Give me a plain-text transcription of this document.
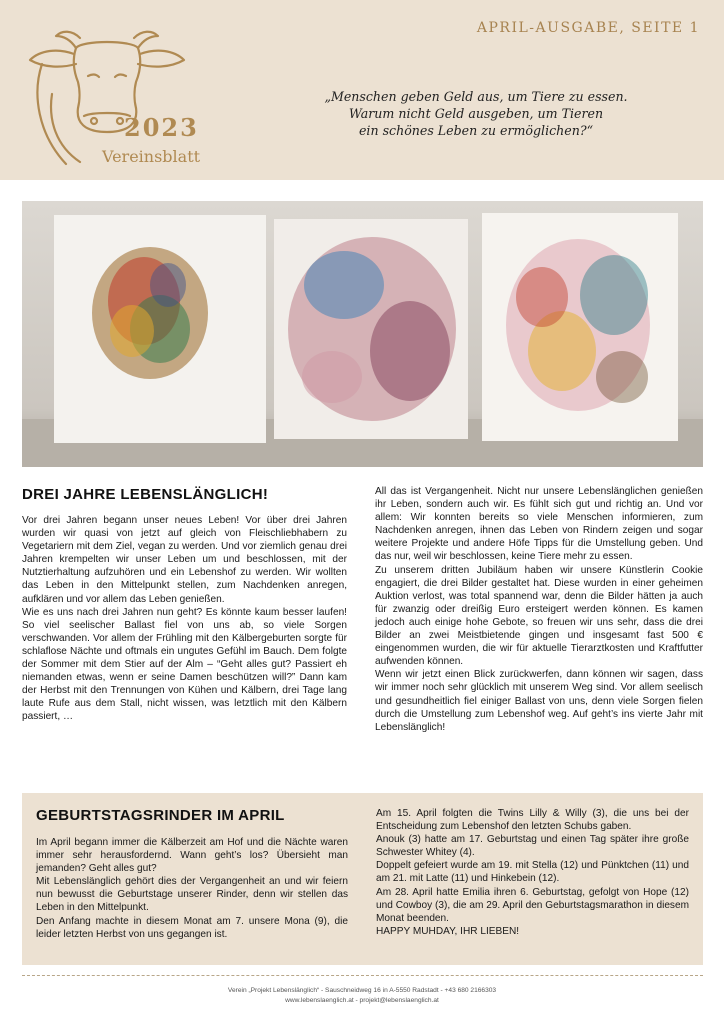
2023
Vereinsblatt
APRIL-AUSGABE, SEITE 1
„Menschen geben Geld aus, um Tiere zu essen.
Warum nicht Geld ausgeben, um Tieren
ein schönes Leben zu ermöglichen?“
DREI JAHRE LEBENSLÄNGLICH!

Vor drei Jahren begann unser neues Leben! Vor über drei Jahren wurden wir quasi von jetzt auf gleich von Fleischliebhabern zu Vegetariern mit dem Ziel, vegan zu werden. Und vor ziemlich genau drei Jahren krempelten wir unser Leben um und beschlossen, mit der Nutztierhaltung aufzuhören und ein Lebenshof zu werden. Wir wollten das Leben in den Mittelpunkt stellen, zum Nachdenken anregen, aufklären und vor allem das Leben genießen.

Wie es uns nach drei Jahren nun geht? Es könnte kaum besser laufen! So viel seelischer Ballast fiel von uns ab, so viele Sorgen verschwanden. Vor allem der Frühling mit den Kälbergeburten sorgte für schlaflose Nächte und oftmals ein ungutes Gefühl im Bauch. Dem folgte der Sommer mit dem Stier auf der Alm – “Geht alles gut? Passiert eh niemanden etwas, wenn er seine Damen beschützen will?” Dann kam der Herbst mit den Trennungen von Kühen und Kälbern, drei Tage lang laute Rufe aus dem Stall, nicht wissen, was letztlich mit den Kälbern passiert, …

All das ist Vergangenheit. Nicht nur unsere Lebenslänglichen genießen ihr Leben, sondern auch wir. Es fühlt sich gut und richtig an. Und vor allem: Wir konnten bereits so viele Menschen informieren, zum Nachdenken anregen, ihnen das Leben von Rindern zeigen und sogar weitere Projekte und andere Höfe Tipps für die Umstellung geben. Und das nur, weil wir beschlossen, keine Tiere mehr zu essen.

Zu unserem dritten Jubiläum haben wir unsere Künstlerin Cookie engagiert, die drei Bilder gestaltet hat. Diese wurden in einer geheimen Auktion verlost, was total spannend war, denn die Bilder hätten ja auch für zwanzig oder dreißig Euro ersteigert werden können. Es kamen jedoch auch einige hohe Gebote, so freuen wir uns sehr, dass die drei Bilder an zwei Meistbietende gingen und insgesamt fast 500 € eingenommen wurden, die wir für aktuelle Tierarztkosten und Kraftfutter aufwenden können.

Wenn wir jetzt einen Blick zurückwerfen, dann können wir sagen, dass wir immer noch sehr glücklich mit unserem Weg sind. Vor allem seelisch und gesundheitlich fiel einiger Ballast von uns, denn viele Sorgen fielen durch die Umstellung zum Lebenshof weg. Auf geht’s ins vierte Jahr mit Lebenslänglich!

GEBURTSTAGSRINDER IM APRIL

Im April begann immer die Kälberzeit am Hof und die Nächte waren immer sehr herausfordernd. Wann geht’s los? Übersieht man jemanden? Geht alles gut?

Mit Lebenslänglich gehört dies der Vergangenheit an und wir feiern nun bewusst die Geburtstage unserer Rinder, denn wir stellen das Leben in den Mittelpunkt.

Den Anfang machte in diesem Monat am 7. unsere Mona (9), die leider letzten Herbst von uns gegangen ist.

Am 15. April folgten die Twins Lilly & Willy (3), die uns bei der Entscheidung zum Lebenshof den letzten Schubs gaben.

Anouk (3) hatte am 17. Geburtstag und einen Tag später ihre große Schwester Whitey (4).

Doppelt gefeiert wurde am 19. mit Stella (12) und Pünktchen (11) und am 21. mit Latte (11) und Hinkebein (12).

Am 28. April hatte Emilia ihren 6. Geburtstag, gefolgt von Hope (12) und Cowboy (3), die am 29. April den Geburtstagsmarathon in diesem Monat beenden.

HAPPY MUHDAY, IHR LIEBEN!

Verein „Projekt Lebenslänglich“ - Sauschneidweg 16 in A-5550 Radstadt - +43 680 2166303
www.lebenslaenglich.at - projekt@lebenslaenglich.at
